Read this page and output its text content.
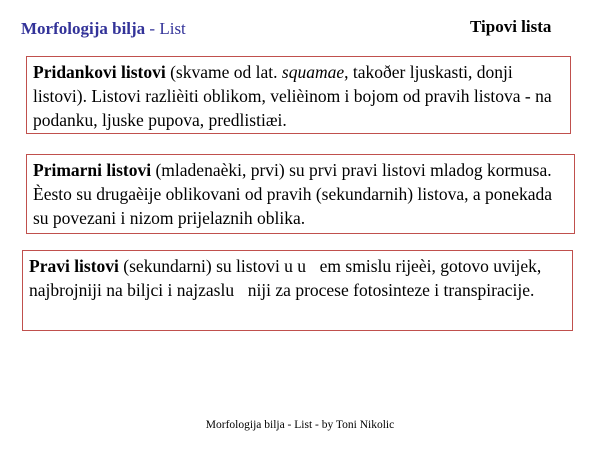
Morfologija bilja - List	Tipovi lista
Pridankovi listovi (skvame od lat. squamae, takoðer ljuskasti, donji listovi). Listovi razlièiti oblikom, velièinom i bojom od pravih listova - na podanku, ljuske pupova, predlistiæi.
Primarni listovi (mladenaèki, prvi) su prvi pravi listovi mladog kormusa. Èesto su drugaèije oblikovani od pravih (sekundarnih) listova, a ponekada su povezani i nizom prijelaznih oblika.
Pravi listovi (sekundarni) su listovi u u em smislu rijeèi, gotovo uvijek, najbrojniji na biljci i najzaslu niji za procese fotosinteze i transpiracije.
Morfologija bilja - List - by Toni Nikolic
